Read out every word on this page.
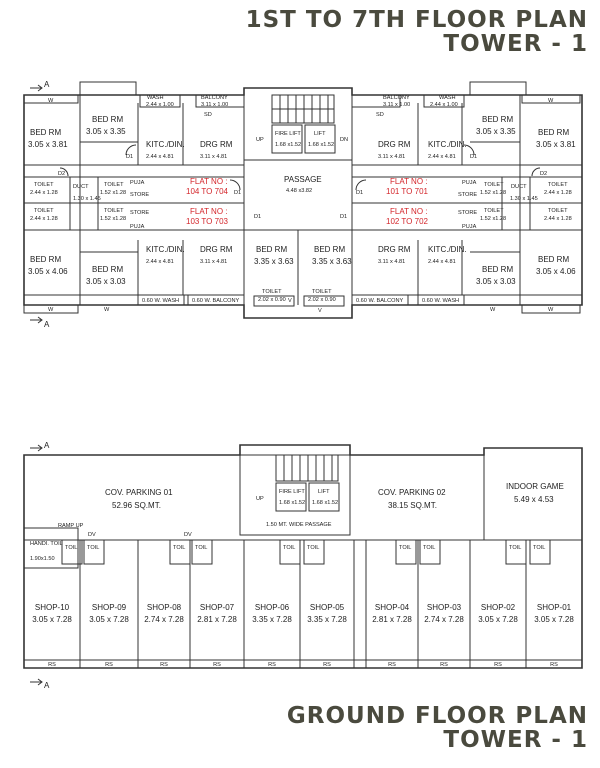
1ST TO 7TH FLOOR PLAN
TOWER - 1
GROUND FLOOR PLAN
TOWER - 1
A
A
BED RM
3.05 x 3.81
BED RM
3.05 x 3.35
KITC./DIN.
2.44 x 4.81
DRG RM
3.11 x 4.81
WASH
2.44 x 1.00
BALCONY
3.11 x 1.00
TOILET
2.44 x 1.28
TOILET
2.44 x 1.28
TOILET
1.52 x1.28
TOILET
1.52 x1.28
DUCT
1.30 x 1.45
PUJA
STORE
STORE
PUJA
FLAT NO :
104 TO 704
FLAT NO :
103 TO 703
BED RM
3.05 x 4.06	BED RM
3.05 x 3.03
KITC./DIN.
2.44 x 4.81
DRG RM
3.11 x 4.81
0.60 W. WASH 0.60 W. BALCONY
BED RM
3.35 x 3.63
BED RM
3.35 x 3.63
TOILET
2.02 x 0.90
TOILET
2.02 x 0.90
FIRE LIFT
1.68 x1.52
LIFT
1.68 x1.52
UP	DN
PASSAGE
4.48 x3.82
BED RM
3.05 x 3.81
BED RM
3.05 x 3.35
KITC./DIN.
2.44 x 4.81
DRG RM
3.11 x 4.81
WASH
2.44 x 1.00
BALCONY
3.11 x 1.00
TOILET
2.44 x 1.28
TOILET
2.44 x 1.28
TOILET
1.52 x1.28
TOILET
1.52 x1.28
DUCT
1.30 x 1.45
PUJA
STORE
STORE
PUJA
FLAT NO :
101 TO 701
FLAT NO :
102 TO 702
BED RM
3.05 x 4.06
BED RM
3.05 x 3.03
KITC./DIN.
2.44 x 4.81
DRG RM
3.11 x 4.81
0.60 W. BALCONY	0.60 W. WASH
W	W
W	W
W	W
SD	SD
D1	D1
D2	D2
D1	D1
D1	D1
V
V
A
A
COV. PARKING 01
52.96 SQ.MT.
COV. PARKING 02
38.15 SQ.MT.
INDOOR GAME
5.49 x 4.53
FIRE LIFT
1.68 x1.52
LIFT
1.68 x1.52
UP
1.50 MT. WIDE PASSAGE
RAMP UP
HANDI. TOIL
1.90x1.50
DV	DV
TOIL TOIL	TOIL TOIL	TOIL TOIL	TOIL TOIL	TOIL TOIL
SHOP-10
3.05 x 7.28
RS
SHOP-09
3.05 x 7.28
RS
SHOP-08
2.74 x 7.28
RS
SHOP-07
2.81 x 7.28
RS
SHOP-06
3.35 x 7.28
RS
SHOP-05
3.35 x 7.28
RS
SHOP-04
2.81 x 7.28
RS
SHOP-03
2.74 x 7.28
RS
SHOP-02
3.05 x 7.28
RS
SHOP-01
3.05 x 7.28
RS
